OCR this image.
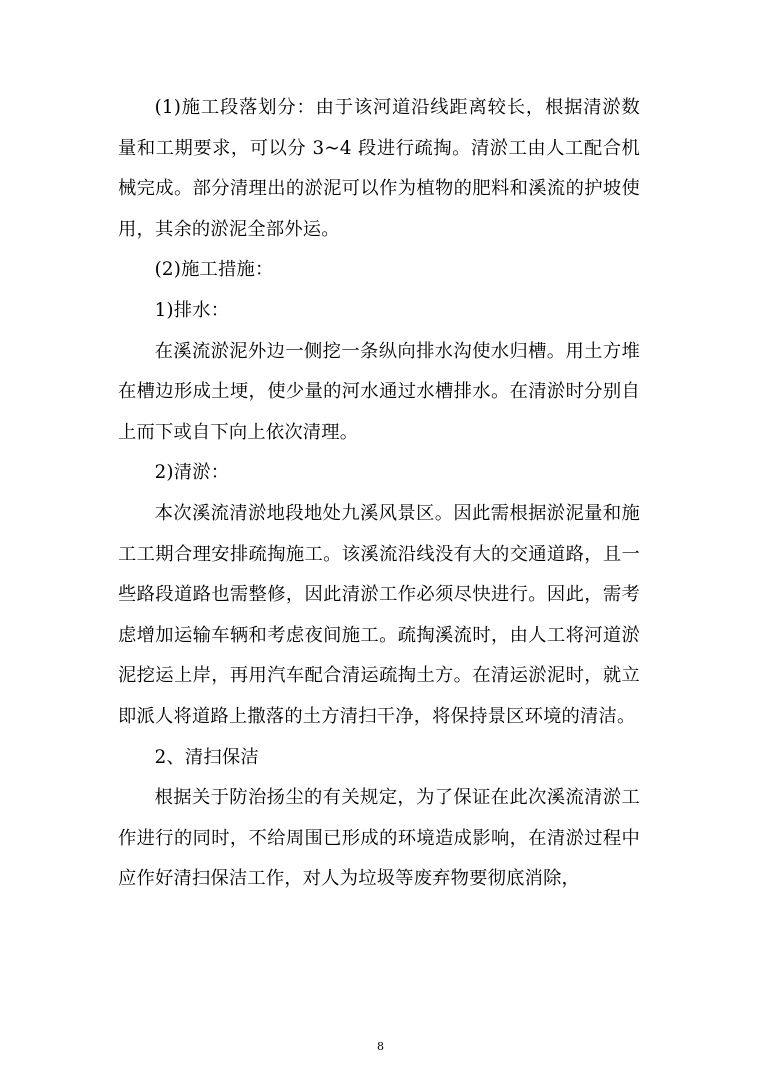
(1)施工段落划分：由于该河道沿线距离较长，根据清淤数量和工期要求，可以分 3~4 段进行疏掏。清淤工由人工配合机械完成。部分清理出的淤泥可以作为植物的肥料和溪流的护坡使用，其余的淤泥全部外运。

(2)施工措施：

1)排水：

在溪流淤泥外边一侧挖一条纵向排水沟使水归槽。用土方堆在槽边形成土埂，使少量的河水通过水槽排水。在清淤时分别自上而下或自下向上依次清理。

2)清淤：

本次溪流清淤地段地处九溪风景区。因此需根据淤泥量和施工工期合理安排疏掏施工。该溪流沿线没有大的交通道路，且一些路段道路也需整修，因此清淤工作必须尽快进行。因此，需考虑增加运输车辆和考虑夜间施工。疏掏溪流时，由人工将河道淤泥挖运上岸，再用汽车配合清运疏掏土方。在清运淤泥时，就立即派人将道路上撒落的土方清扫干净，将保持景区环境的清洁。

2、清扫保洁

根据关于防治扬尘的有关规定，为了保证在此次溪流清淤工作进行的同时，不给周围已形成的环境造成影响，在清淤过程中应作好清扫保洁工作，对人为垃圾等废弃物要彻底消除，

8
